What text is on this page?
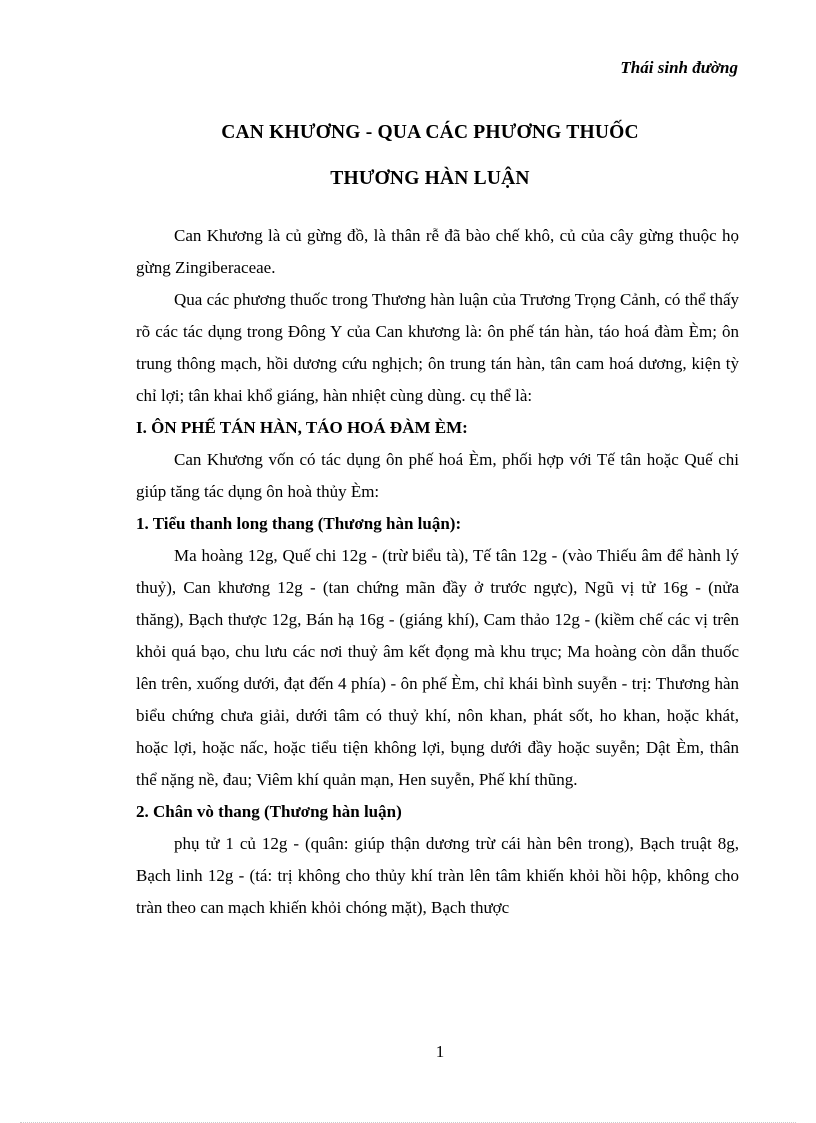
Thái sinh đường
CAN KHƯƠNG - QUA CÁC PHƯƠNG THUỐC
THƯƠNG HÀN LUẬN

Can Khương là củ gừng đồ, là thân rễ đã bào chế khô, củ của cây gừng thuộc họ gừng Zingiberaceae.

Qua các phương thuốc trong Thương hàn luận của Trương Trọng Cảnh, có thể thấy rõ các tác dụng trong Đông Y của Can khương là: ôn phế tán hàn, táo hoá đàm Èm; ôn trung thông mạch, hồi dương cứu nghịch; ôn trung tán hàn, tân cam hoá dương, kiện tỳ chỉ lợi; tân khai khổ giáng, hàn nhiệt cùng dùng. cụ thể là:

I. ÔN PHẾ TÁN HÀN, TÁO HOÁ ĐÀM ÈM:

Can Khương vốn có tác dụng ôn phế hoá Èm, phối hợp với Tế tân hoặc Quế chi giúp tăng tác dụng ôn hoà thủy Èm:

1. Tiểu thanh long thang (Thương hàn luận):

Ma hoàng 12g, Quế chi 12g - (trừ biểu tà), Tế tân 12g - (vào Thiếu âm để hành lý thuỷ), Can khương 12g - (tan chứng mãn đầy ở trước ngực), Ngũ vị tử 16g - (nửa thăng), Bạch thược 12g, Bán hạ 16g - (giáng khí), Cam thảo 12g - (kiềm chế các vị trên khỏi quá bạo, chu lưu các nơi thuỷ âm kết đọng mà khu trục; Ma hoàng còn dẫn thuốc lên trên, xuống dưới, đạt đến 4 phía) - ôn phế Èm, chỉ khái bình suyễn - trị: Thương hàn biểu chứng chưa giải, dưới tâm có thuỷ khí, nôn khan, phát sốt, ho khan, hoặc khát, hoặc lợi, hoặc nấc, hoặc tiểu tiện không lợi, bụng dưới đầy hoặc suyễn; Dật Èm, thân thể nặng nề, đau; Viêm khí quản mạn, Hen suyễn, Phế khí thũng.

2. Chân vò thang (Thương hàn luận)

phụ tử 1 củ 12g - (quân: giúp thận dương trừ cái hàn bên trong), Bạch truật 8g, Bạch linh 12g - (tá: trị không cho thủy khí tràn lên tâm khiến khỏi hồi hộp, không cho tràn theo can mạch khiến khỏi chóng mặt), Bạch thược

1
